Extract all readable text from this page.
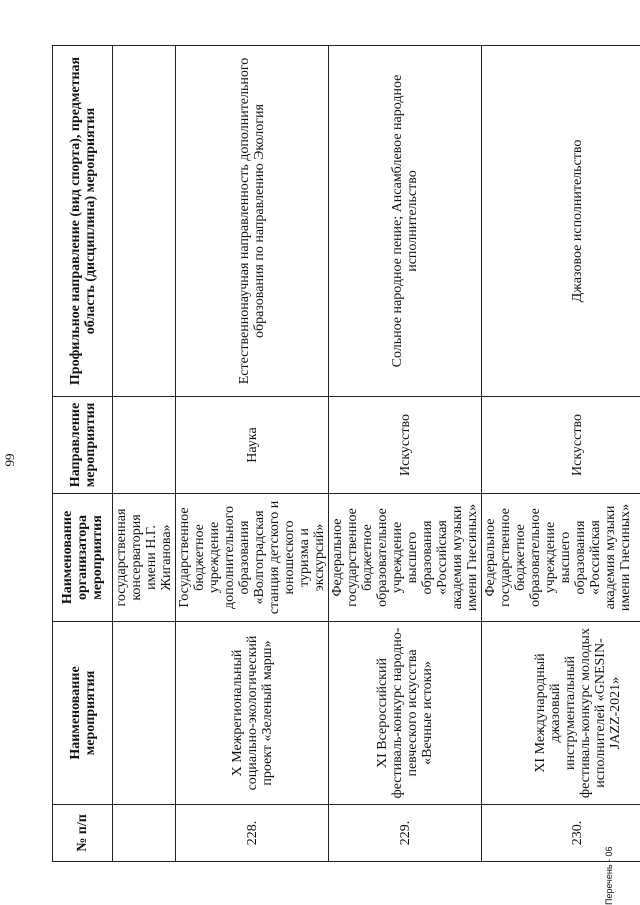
99
№ п/п	Наименование мероприятия	Наименование организатора мероприятия	Направление мероприятия	Профильное направление (вид спорта), предметная область (дисциплина) мероприятия
		государственная консерватория имени Н.Г. Жиганова»		
228.	X Межрегиональный социально-экологический проект «Зеленый марш»	Государственное бюджетное учреждение дополнительного образования «Волгоградская станция детского и юношеского туризма и экскурсий»	Наука	Естественнонаучная направленность дополнительного образования по направлению Экология
229.	XI Всероссийский фестиваль-конкурс народно-певческого искусства «Вечные истоки»	Федеральное государственное бюджетное образовательное учреждение высшего образования «Российская академия музыки имени Гнесиных»	Искусство	Сольное народное пение; Ансамблевое народное исполнительство
230.	XI Международный джазовый инструментальный фестиваль-конкурс молодых исполнителей «GNESIN-JAZZ-2021»	Федеральное государственное бюджетное образовательное учреждение высшего образования «Российская академия музыки имени Гнесиных»	Искусство	Джазовое исполнительство
Перечень - 06
